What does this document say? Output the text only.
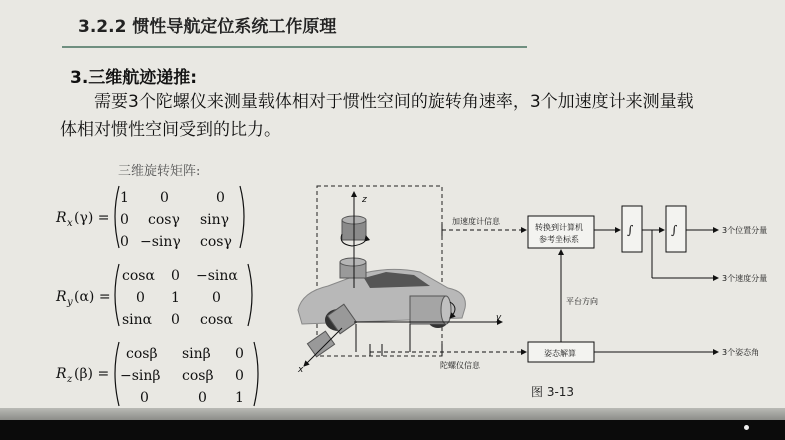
3.2.2 惯性导航定位系统工作原理
3.三维航迹递推:
需要3个陀螺仪来测量载体相对于惯性空间的旋转角速率，3个加速度计来测量载
体相对惯性空间受到的比力。
三维旋转矩阵:
R x (γ) =
1 0	0
0 cosγ sinγ
0 −sinγ cosγ
R y (α) =
cosα 0 −sinα
0 1 0
sinα 0 cosα
R z (β) =
cosβ sinβ 0
−sinβ cosβ 0
0	0 1
z
y
x
加速度计信息
陀螺仪信息
转换到计算机
参考坐标系
∫	∫	3个位置分量
3个速度分量
姿态解算	3个姿态角
平台方向
图 3-13
